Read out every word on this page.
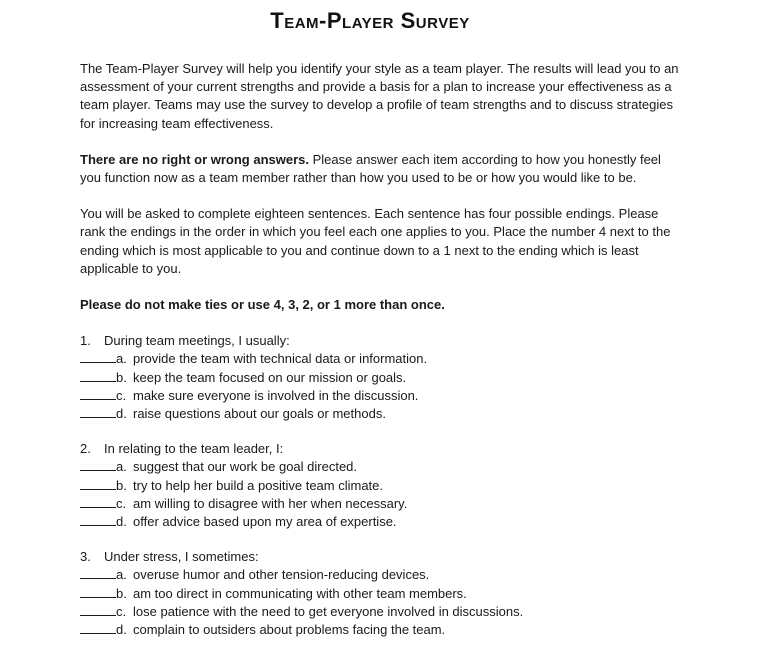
Team-Player Survey

The Team-Player Survey will help you identify your style as a team player. The results will lead you to an assessment of your current strengths and provide a basis for a plan to increase your effectiveness as a team player. Teams may use the survey to develop a profile of team strengths and to discuss strategies for increasing team effectiveness.

There are no right or wrong answers. Please answer each item according to how you honestly feel you function now as a team member rather than how you used to be or how you would like to be.

You will be asked to complete eighteen sentences. Each sentence has four possible endings. Please rank the endings in the order in which you feel each one applies to you. Place the number 4 next to the ending which is most applicable to you and continue down to a 1 next to the ending which is least applicable to you.

Please do not make ties or use 4, 3, 2, or 1 more than once.

1.	During team meetings, I usually:
a. provide the team with technical data or information.
b. keep the team focused on our mission or goals.
c. make sure everyone is involved in the discussion.
d. raise questions about our goals or methods.
2.	In relating to the team leader, I:
a. suggest that our work be goal directed.
b. try to help her build a positive team climate.
c. am willing to disagree with her when necessary.
d. offer advice based upon my area of expertise.
3.	Under stress, I sometimes:
a. overuse humor and other tension-reducing devices.
b. am too direct in communicating with other team members.
c. lose patience with the need to get everyone involved in discussions.
d. complain to outsiders about problems facing the team.
